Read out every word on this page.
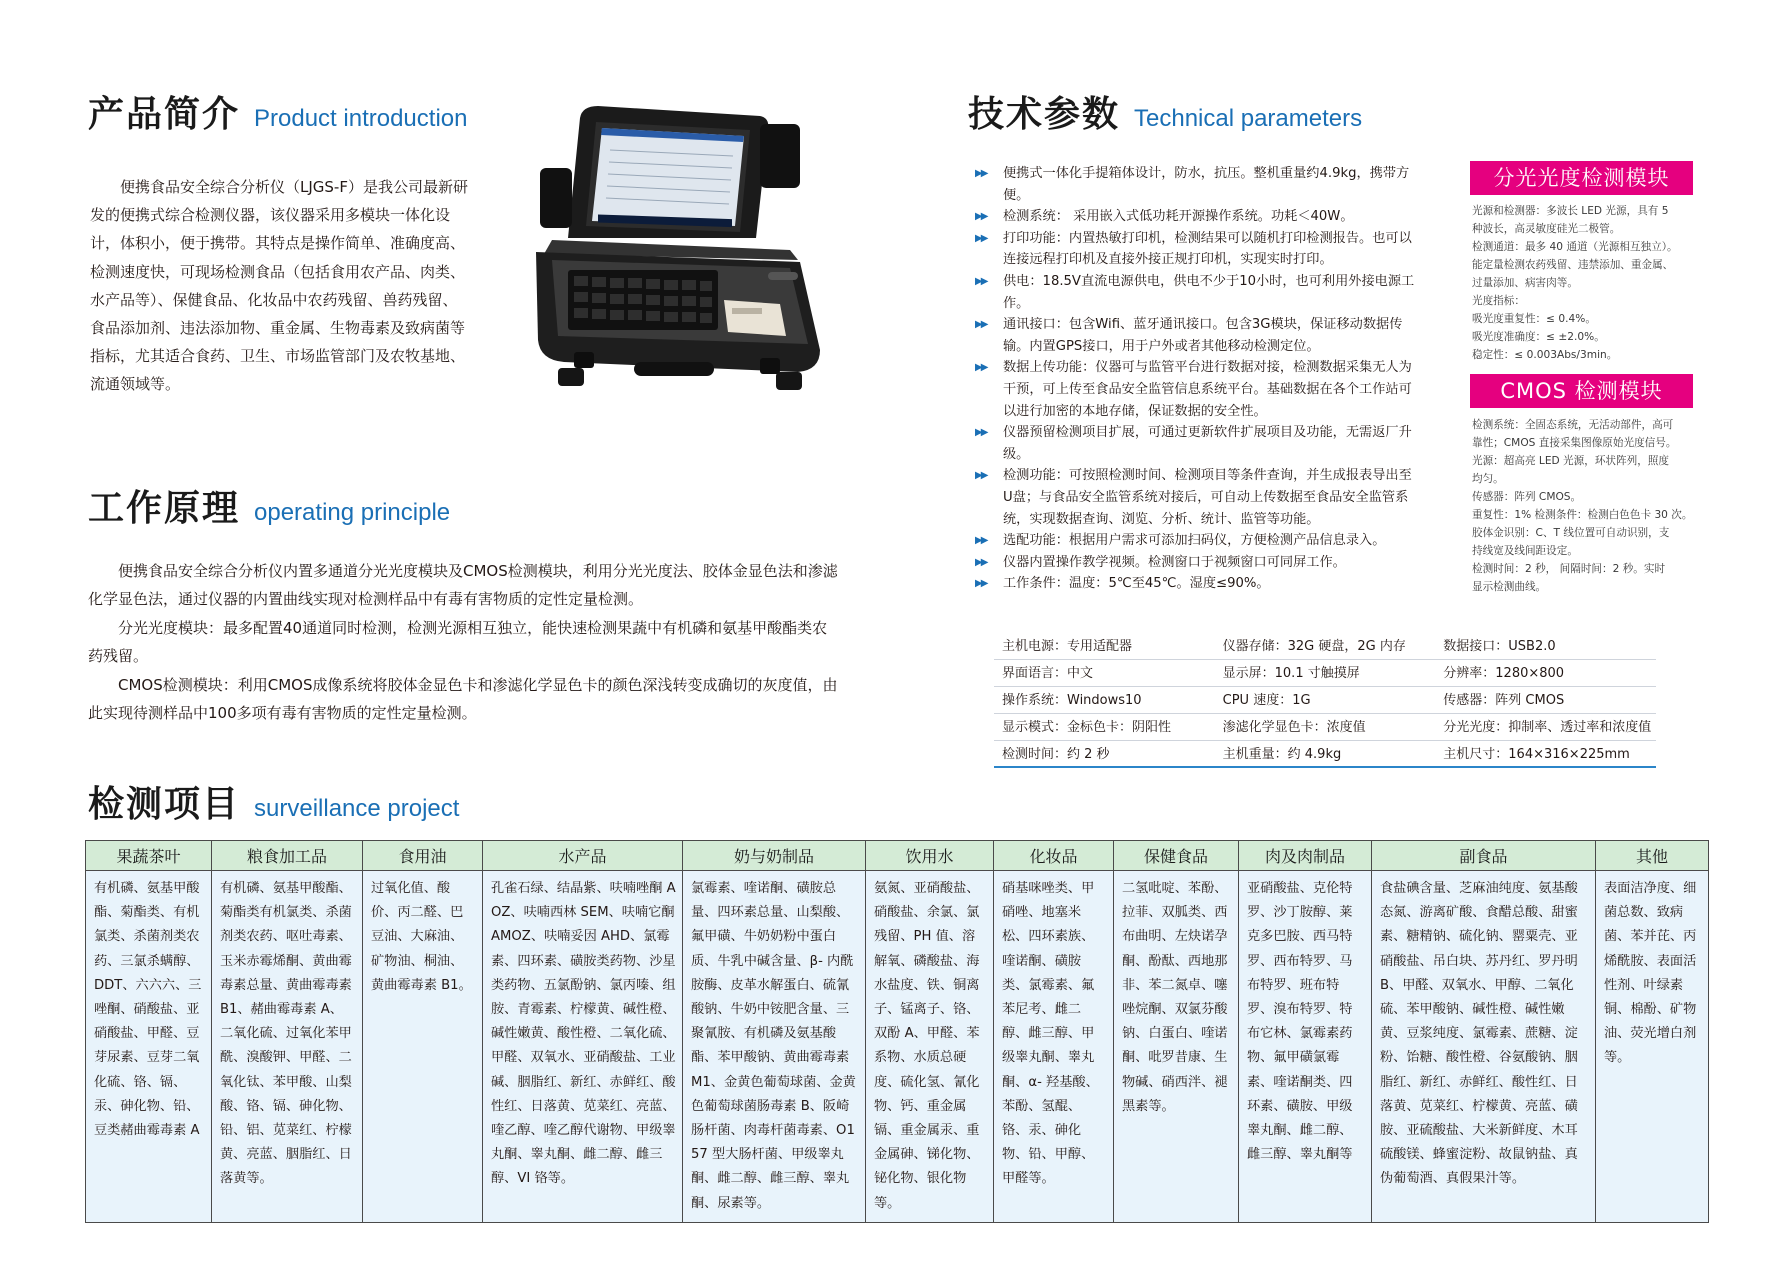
产品简介 Product introduction

便携食品安全综合分析仪（LJGS-F）是我公司最新研发的便携式综合检测仪器，该仪器采用多模块一体化设计，体积小，便于携带。其特点是操作简单、准确度高、检测速度快，可现场检测食品（包括食用农产品、肉类、水产品等）、保健食品、化妆品中农药残留、兽药残留、食品添加剂、违法添加物、重金属、生物毒素及致病菌等指标，尤其适合食药、卫生、市场监管部门及农牧基地、流通领域等。

工作原理 operating principle

便携食品安全综合分析仪内置多通道分光光度模块及CMOS检测模块，利用分光光度法、胶体金显色法和渗滤化学显色法，通过仪器的内置曲线实现对检测样品中有毒有害物质的定性定量检测。

分光光度模块：最多配置40通道同时检测，检测光源相互独立，能快速检测果蔬中有机磷和氨基甲酸酯类农药残留。

CMOS检测模块：利用CMOS成像系统将胶体金显色卡和渗滤化学显色卡的颜色深浅转变成确切的灰度值，由此实现待测样品中100多项有毒有害物质的定性定量检测。

技术参数 Technical parameters
▶▶ 便携式一体化手提箱体设计，防水，抗压。整机重量约4.9kg，携带方便。
▶▶ 检测系统： 采用嵌入式低功耗开源操作系统。功耗＜40W。
▶▶ 打印功能：内置热敏打印机，检测结果可以随机打印检测报告。也可以连接远程打印机及直接外接正规打印机，实现实时打印。
▶▶ 供电：18.5V直流电源供电，供电不少于10小时，也可利用外接电源工作。
▶▶ 通讯接口：包含Wifi、蓝牙通讯接口。包含3G模块，保证移动数据传输。内置GPS接口，用于户外或者其他移动检测定位。
▶▶ 数据上传功能：仪器可与监管平台进行数据对接，检测数据采集无人为干预，可上传至食品安全监管信息系统平台。基础数据在各个工作站可以进行加密的本地存储，保证数据的安全性。
▶▶ 仪器预留检测项目扩展，可通过更新软件扩展项目及功能，无需返厂升级。
▶▶ 检测功能：可按照检测时间、检测项目等条件查询，并生成报表导出至U盘；与食品安全监管系统对接后，可自动上传数据至食品安全监管系统，实现数据查询、浏览、分析、统计、监管等功能。
▶▶ 选配功能：根据用户需求可添加扫码仪，方便检测产品信息录入。
▶▶ 仪器内置操作教学视频。检测窗口于视频窗口可同屏工作。
▶▶ 工作条件：温度：5℃至45℃。湿度≤90%。
分光光度检测模块
光源和检测器：多波长 LED 光源，具有 5
种波长，高灵敏度硅光二极管。
检测通道：最多 40 通道（光源相互独立）。
能定量检测农药残留、违禁添加、重金属、
过量添加、病害肉等。
光度指标：
吸光度重复性：≤ 0.4%。
吸光度准确度：≤ ±2.0%。
稳定性：≤ 0.003Abs/3min。
CMOS 检测模块
检测系统：全固态系统，无活动部件，高可
靠性；CMOS 直接采集图像原始光度信号。
光源：超高亮 LED 光源，环状阵列，照度
均匀。
传感器：阵列 CMOS。
重复性：1% 检测条件：检测白色色卡 30 次。
胶体金识别：C、T 线位置可自动识别，支
持线宽及线间距设定。
检测时间：2 秒， 间隔时间：2 秒。实时
显示检测曲线。
主机电源：专用适配器	仪器存储：32G 硬盘，2G 内存	数据接口：USB2.0
界面语言：中文	显示屏：10.1 寸触摸屏	分辨率：1280×800
操作系统：Windows10	CPU 速度：1G	传感器：阵列 CMOS
显示模式：金标色卡：阴阳性	渗滤化学显色卡：浓度值	分光光度：抑制率、透过率和浓度值
检测时间：约 2 秒	主机重量：约 4.9kg	主机尺寸：164×316×225mm
检测项目 surveillance project
果蔬茶叶	粮食加工品	食用油	水产品	奶与奶制品	饮用水	化妆品	保健食品	肉及肉制品	副食品	其他
有机磷、氨基甲酸酯、菊酯类、有机氯类、杀菌剂类农药、三氯杀螨醇、DDT、六六六、三唑酮、硝酸盐、亚硝酸盐、甲醛、豆芽尿素、豆芽二氧化硫、铬、镉、汞、砷化物、铅、豆类赭曲霉毒素 A	有机磷、氨基甲酸酯、菊酯类有机氯类、杀菌剂类农药、呕吐毒素、玉米赤霉烯酮、黄曲霉毒素总量、黄曲霉毒素B1、赭曲霉毒素 A、二氧化硫、过氧化苯甲酰、溴酸钾、甲醛、二氧化钛、苯甲酸、山梨酸、铬、镉、砷化物、铅、铝、苋菜红、柠檬黄、亮蓝、胭脂红、日落黄等。	过氧化值、酸价、丙二醛、巴豆油、大麻油、矿物油、桐油、黄曲霉毒素 B1。	孔雀石绿、结晶紫、呋喃唑酮 AOZ、呋喃西林 SEM、呋喃它酮 AMOZ、呋喃妥因 AHD、氯霉素、四环素、磺胺类药物、沙星类药物、五氯酚钠、氯丙嗪、组胺、青霉素、柠檬黄、碱性橙、碱性嫩黄、酸性橙、二氧化硫、甲醛、双氧水、亚硝酸盐、工业碱、胭脂红、新红、赤鲜红、酸性红、日落黄、苋菜红、亮蓝、喹乙醇、喹乙醇代谢物、甲级睾丸酮、睾丸酮、雌二醇、雌三醇、VI 铬等。	氯霉素、喹诺酮、磺胺总量、四环素总量、山梨酸、氟甲磺、牛奶奶粉中蛋白质、牛乳中碱含量、β- 内酰胺酶、皮革水解蛋白、硫氰酸钠、牛奶中铵肥含量、三聚氰胺、有机磷及氨基酸酯、苯甲酸钠、黄曲霉毒素 M1、金黄色葡萄球菌、金黄色葡萄球菌肠毒素 B、阪崎肠杆菌、肉毒杆菌毒素、O157 型大肠杆菌、甲级睾丸酮、雌二醇、雌三醇、睾丸酮、尿素等。	氨氮、亚硝酸盐、硝酸盐、余氯、氯残留、PH 值、溶解氧、磷酸盐、海水盐度、铁、铜离子、锰离子、铬、双酚 A、甲醛、苯系物、水质总硬度、硫化氢、氰化物、钙、重金属镉、重金属汞、重金属砷、锑化物、铋化物、银化物等。	硝基咪唑类、甲硝唑、地塞米松、四环素族、喹诺酮、磺胺类、氯霉素、氟苯尼考、雌二醇、雌三醇、甲级睾丸酮、睾丸酮、α- 羟基酸、苯酚、氢醌、铬、汞、砷化物、铅、甲醇、甲醛等。	二氢吡啶、苯酚、拉菲、双胍类、西布曲明、左炔诺孕酮、酚酞、西地那非、苯二氮卓、噻唑烷酮、双氯芬酸钠、白蛋白、喹诺酮、吡罗昔康、生物碱、硝西泮、褪黑素等。	亚硝酸盐、克伦特罗、沙丁胺醇、莱克多巴胺、西马特罗、西布特罗、马布特罗、班布特罗、溴布特罗、特布它林、氯霉素药物、氟甲磺氯霉素、喹诺酮类、四环素、磺胺、甲级睾丸酮、雌二醇、雌三醇、睾丸酮等	食盐碘含量、芝麻油纯度、氨基酸态氮、游离矿酸、食醋总酸、甜蜜素、糖精钠、硫化钠、罂粟壳、亚硝酸盐、吊白块、苏丹红、罗丹明 B、甲醛、双氧水、甲醇、二氧化硫、苯甲酸钠、碱性橙、碱性嫩黄、豆浆纯度、氯霉素、蔗糖、淀粉、饴糖、酸性橙、谷氨酸钠、胭脂红、新红、赤鲜红、酸性红、日落黄、苋菜红、柠檬黄、亮蓝、磺胺、亚硫酸盐、大米新鲜度、木耳硫酸镁、蜂蜜淀粉、故鼠钠盐、真伪葡萄酒、真假果汁等。	表面洁净度、细菌总数、致病菌、苯并芘、丙烯酰胺、表面活性剂、叶绿素铜、棉酚、矿物油、荧光增白剂等。
